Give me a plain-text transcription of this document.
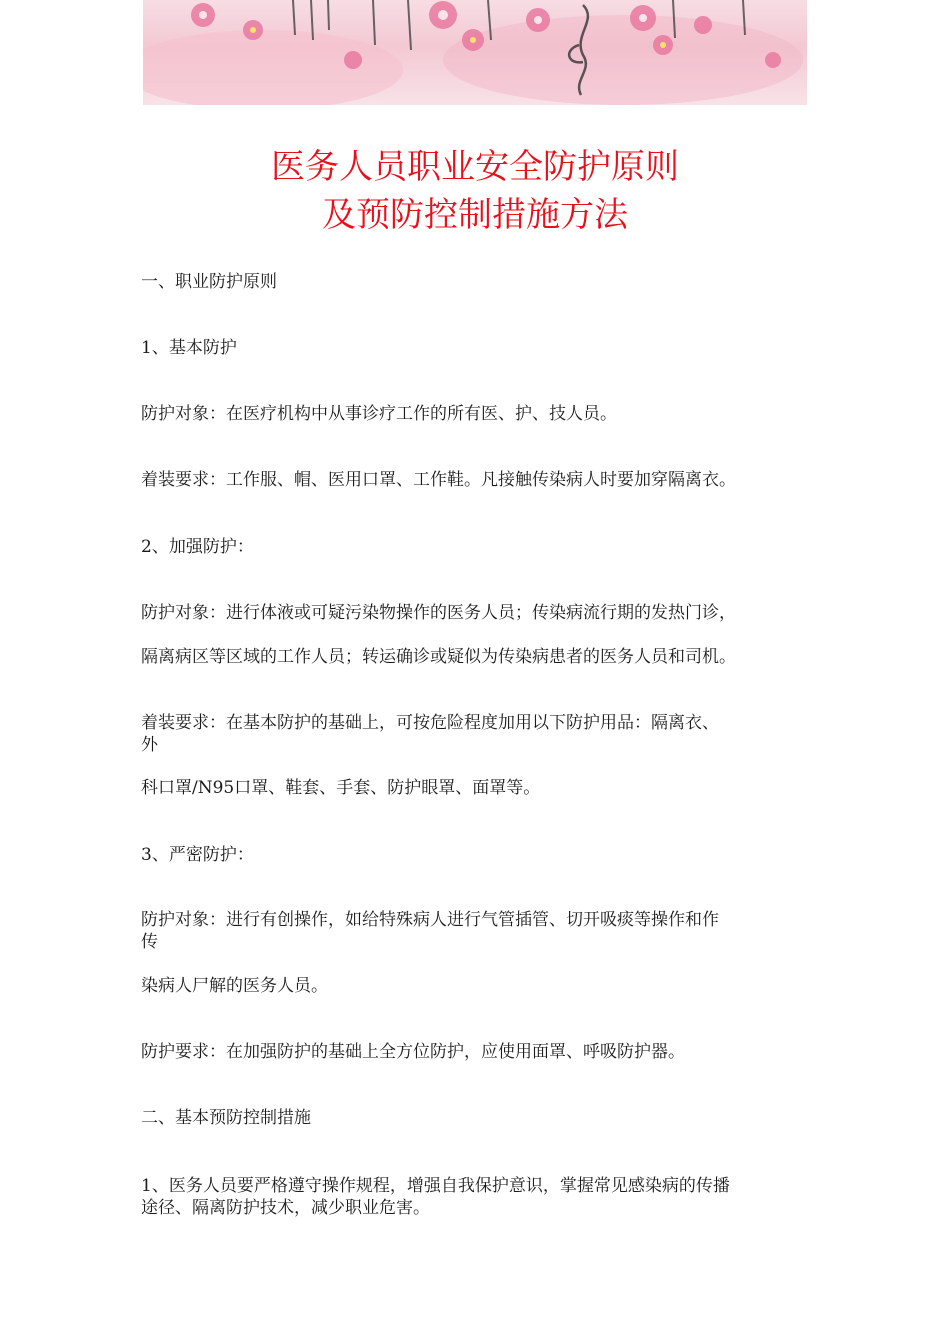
医务人员职业安全防护原则
及预防控制措施方法

一、职业防护原则

1、基本防护

防护对象：在医疗机构中从事诊疗工作的所有医、护、技人员。

着装要求：工作服、帽、医用口罩、工作鞋。凡接触传染病人时要加穿隔离衣。

2、加强防护：

防护对象：进行体液或可疑污染物操作的医务人员；传染病流行期的发热门诊，

隔离病区等区域的工作人员；转运确诊或疑似为传染病患者的医务人员和司机。

着装要求：在基本防护的基础上，可按危险程度加用以下防护用品：隔离衣、

外

科口罩/N95口罩、鞋套、手套、防护眼罩、面罩等。

3、严密防护：

防护对象：进行有创操作，如给特殊病人进行气管插管、切开吸痰等操作和作

传

染病人尸解的医务人员。

防护要求：在加强防护的基础上全方位防护，应使用面罩、呼吸防护器。

二、基本预防控制措施

1、医务人员要严格遵守操作规程，增强自我保护意识，掌握常见感染病的传播

途径、隔离防护技术，减少职业危害。
